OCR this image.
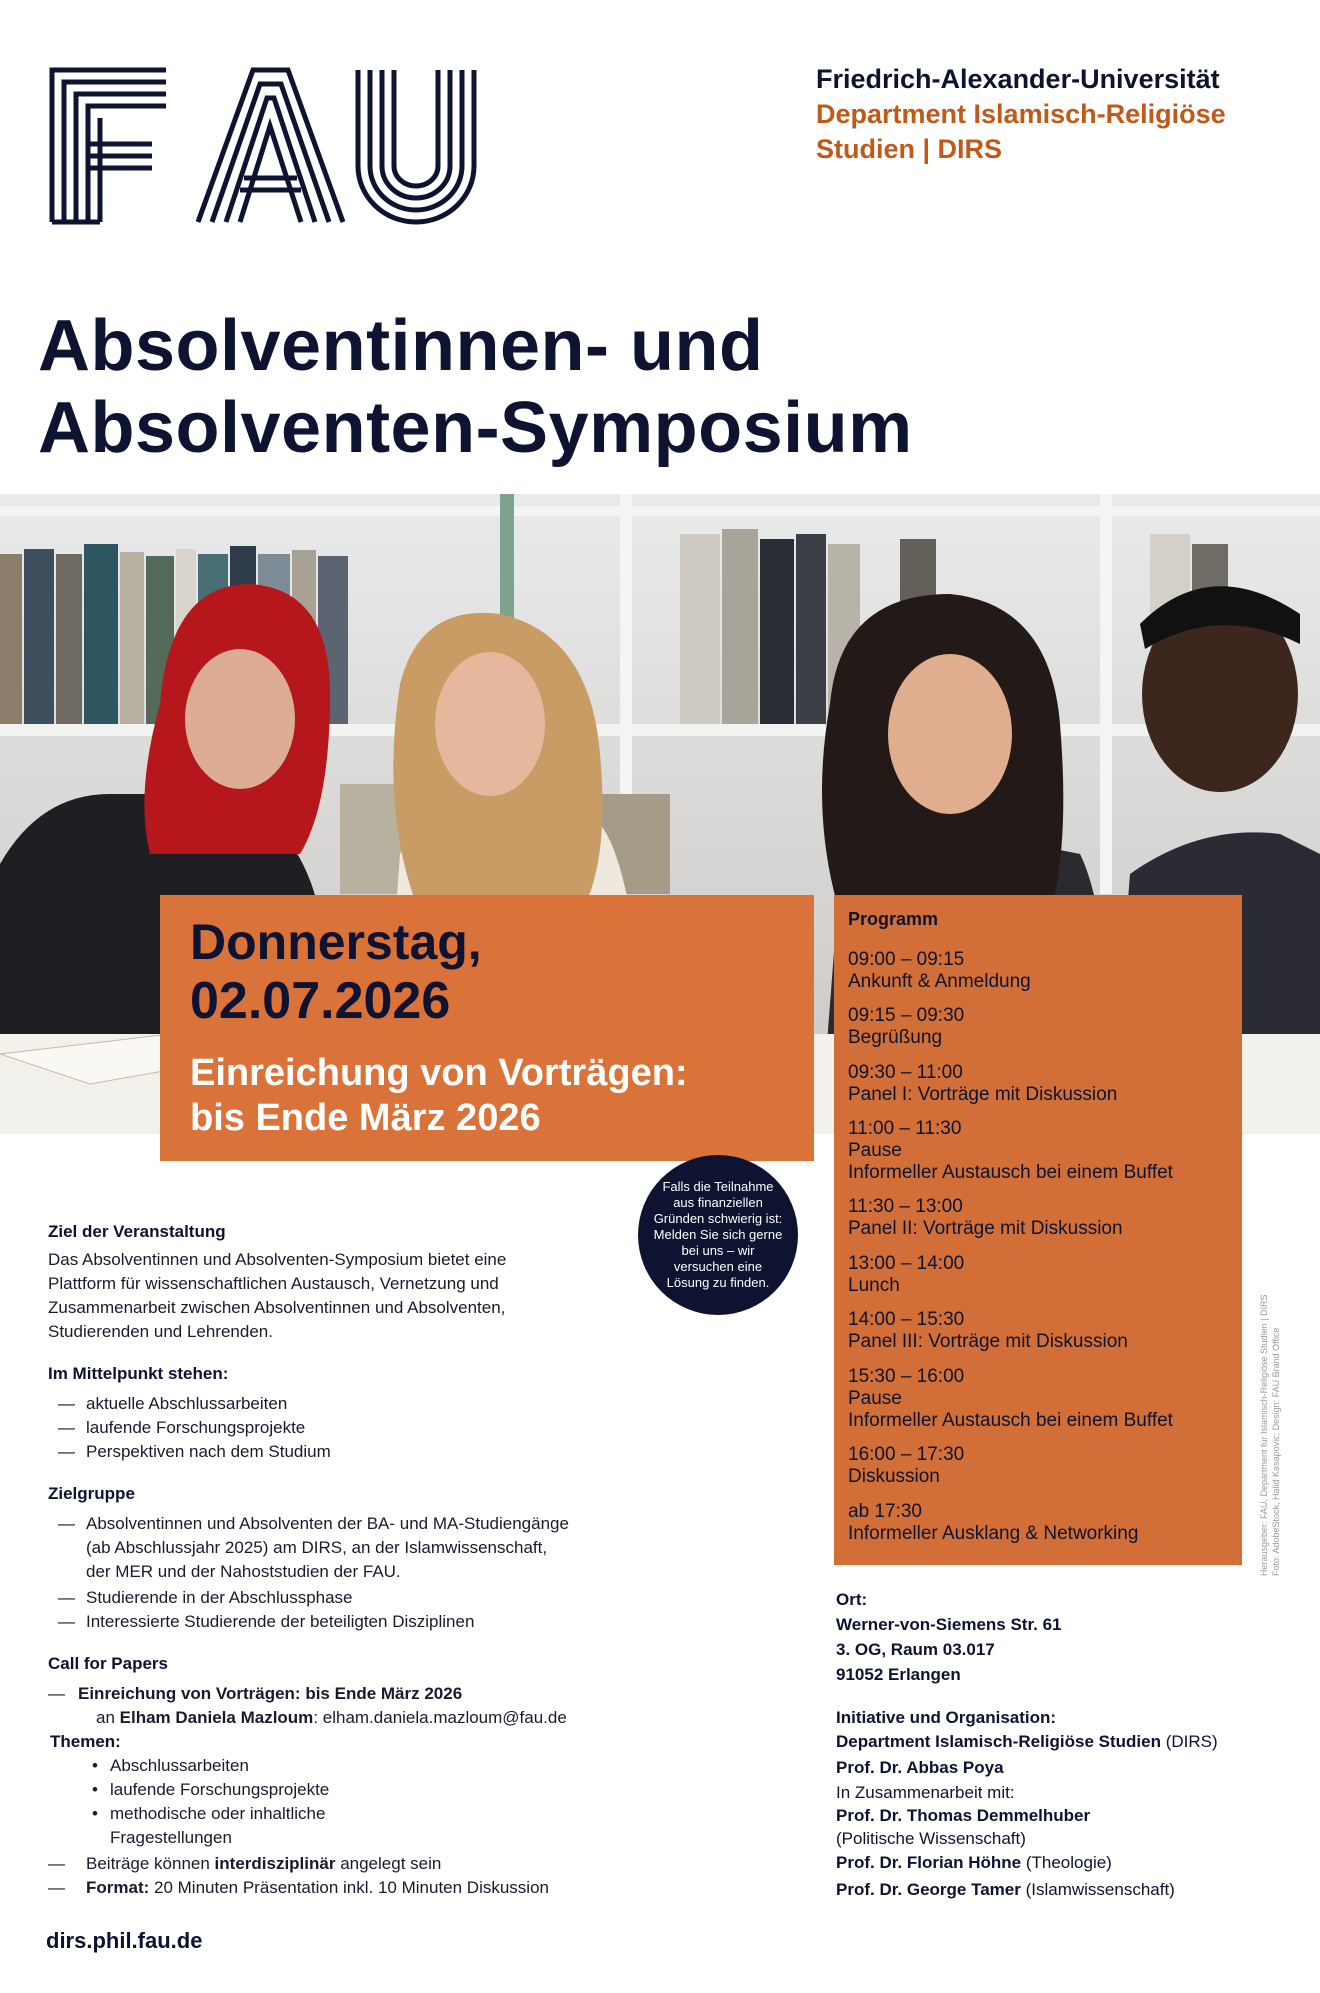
FAU	Friedrich-Alexander-Universität
Department Islamisch-Religiöse
Studien | DIRS
Absolventinnen- und
Absolventen-Symposium
Donnerstag,
02.07.2026
Einreichung von Vorträgen:
bis Ende März 2026
Programm
09:00 – 09:15
Ankunft & Anmeldung
09:15 – 09:30
Begrüßung
09:30 – 11:00
Panel I: Vorträge mit Diskussion
11:00 – 11:30
Pause
Informeller Austausch bei einem Buffet
11:30 – 13:00
Panel II: Vorträge mit Diskussion
13:00 – 14:00
Lunch
14:00 – 15:30
Panel III: Vorträge mit Diskussion
15:30 – 16:00
Pause
Informeller Austausch bei einem Buffet
16:00 – 17:30
Diskussion
ab 17:30
Informeller Ausklang & Networking
Falls die Teilnahme aus finanziellen Gründen schwierig ist: Melden Sie sich gerne bei uns – wir versuchen eine Lösung zu finden.
Ziel der Veranstaltung
Das Absolventinnen und Absolventen-Symposium bietet eine
Plattform für wissenschaftlichen Austausch, Vernetzung und
Zusammenarbeit zwischen Absolventinnen und Absolventen,
Studierenden und Lehrenden.
Im Mittelpunkt stehen:
— aktuelle Abschlussarbeiten
— laufende Forschungsprojekte
— Perspektiven nach dem Studium
Zielgruppe
— Absolventinnen und Absolventen der BA- und MA-Studiengänge
(ab Abschlussjahr 2025) am DIRS, an der Islamwissenschaft,
der MER und der Nahoststudien der FAU.
— Studierende in der Abschlussphase
— Interessierte Studierende der beteiligten Disziplinen
Call for Papers
— Einreichung von Vorträgen: bis Ende März 2026
an Elham Daniela Mazloum: elham.daniela.mazloum@fau.de
Themen:
• Abschlussarbeiten
• laufende Forschungsprojekte
• methodische oder inhaltliche
Fragestellungen
— Beiträge können interdisziplinär angelegt sein
— Format: 20 Minuten Präsentation inkl. 10 Minuten Diskussion
Ort:
Werner-von-Siemens Str. 61
3. OG, Raum 03.017
91052 Erlangen
Initiative und Organisation:
Department Islamisch-Religiöse Studien (DIRS)
Prof. Dr. Abbas Poya
In Zusammenarbeit mit:
Prof. Dr. Thomas Demmelhuber
(Politische Wissenschaft)
Prof. Dr. Florian Höhne (Theologie)
Prof. Dr. George Tamer (Islamwissenschaft)
dirs.phil.fau.de
Herausgeber: FAU, Department für Islamisch-Religiöse Studien | DIRS Foto: AdobeStock, Halid Kasapovic; Design: FAU Brand Office
